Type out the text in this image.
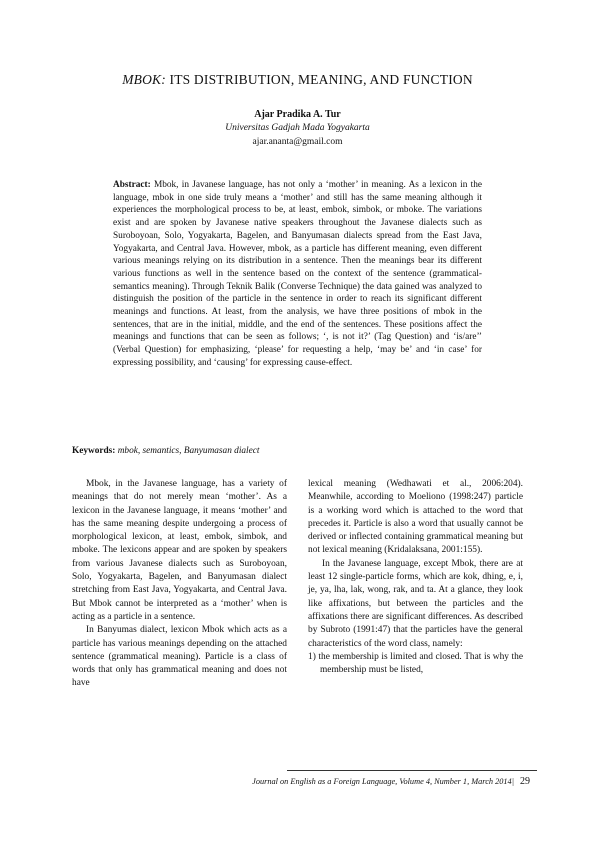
MBOK: ITS DISTRIBUTION, MEANING, AND FUNCTION
Ajar Pradika A. Tur
Universitas Gadjah Mada Yogyakarta
ajar.ananta@gmail.com
Abstract: Mbok, in Javanese language, has not only a ‘mother’ in meaning. As a lexicon in the language, mbok in one side truly means a ‘mother’ and still has the same meaning although it experiences the morphological process to be, at least, embok, simbok, or mboke. The variations exist and are spoken by Javanese native speakers throughout the Javanese dialects such as Suroboyoan, Solo, Yogyakarta, Bagelen, and Banyumasan dialects spread from the East Java, Yogyakarta, and Central Java. However, mbok, as a particle has different meaning, even different various meanings relying on its distribution in a sentence. Then the meanings bear its different various functions as well in the sentence based on the context of the sentence (grammatical-semantics meaning). Through Teknik Balik (Converse Technique) the data gained was analyzed to distinguish the position of the particle in the sentence in order to reach its significant different meanings and functions. At least, from the analysis, we have three positions of mbok in the sentences, that are in the initial, middle, and the end of the sentences. These positions affect the meanings and functions that can be seen as follows; ‘, is not it?’ (Tag Question) and ‘is/are’’ (Verbal Question) for emphasizing, ‘please’ for requesting a help, ‘may be’ and ‘in case’ for expressing possibility, and ‘causing’ for expressing cause-effect.
Keywords: mbok, semantics, Banyumasan dialect

Mbok, in the Javanese language, has a variety of meanings that do not merely mean ‘mother’. As a lexicon in the Javanese language, it means ‘mother’ and has the same meaning despite undergoing a process of morphological lexicon, at least, embok, simbok, and mboke. The lexicons appear and are spoken by speakers from various Javanese dialects such as Suroboyoan, Solo, Yogyakarta, Bagelen, and Banyumasan dialect stretching from East Java, Yogyakarta, and Central Java. But Mbok cannot be interpreted as a ‘mother’ when is acting as a particle in a sentence.

In Banyumas dialect, lexicon Mbok which acts as a particle has various meanings depending on the attached sentence (grammatical meaning). Particle is a class of words that only has grammatical meaning and does not have

lexical meaning (Wedhawati et al., 2006:204). Meanwhile, according to Moeliono (1998:247) particle is a working word which is attached to the word that precedes it. Particle is also a word that usually cannot be derived or inflected containing grammatical meaning but not lexical meaning (Kridalaksana, 2001:155).

In the Javanese language, except Mbok, there are at least 12 single-particle forms, which are kok, dhing, e, i, je, ya, lha, lak, wong, rak, and ta. At a glance, they look like affixations, but between the particles and the affixations there are significant differences. As described by Subroto (1991:47) that the particles have the general characteristics of the word class, namely:

1) the membership is limited and closed. That is why the membership must be listed,

Journal on English as a Foreign Language, Volume 4, Number 1, March 2014| 29
